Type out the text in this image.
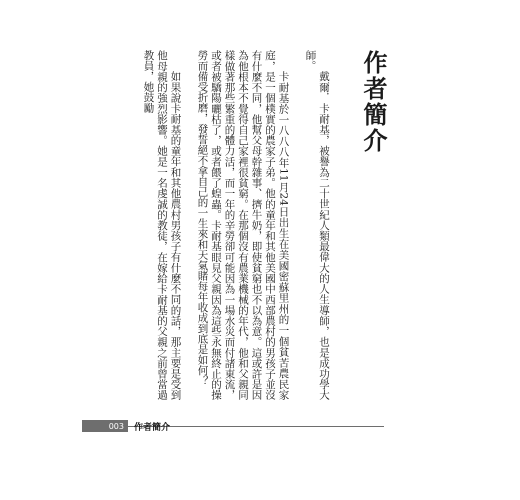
作者簡介

戴爾．卡耐基，被譽為二十世紀人類最偉大的人生導師，也是成功學大師。

卡耐基於一八八八年11月24日出生在美國密蘇里州的一個貧苦農民家庭，是一個樸實的農家子弟。他的童年和其他美國中西部農村的男孩子並沒有什麼不同，他幫父母幹雜事、擠牛奶，即使貧窮也不以為意。這或許是因為他根本不覺得自己家裡很貧窮。在那個沒有農業機械的年代，他和父親同樣做著那些繁重的體力活，而一年的辛勞卻可能因為一場水災而付諸東流，或者被驕陽曬枯了，或者餵了蝗蟲。卡耐基眼見父親因為這些永無終止的操勞而備受折磨，發誓絕不拿自己的一生來和天氣賭每年收成到底是如何？

如果說卡耐基的童年和其他農村男孩子有什麼不同的話，那主要是受到他母親的強烈影響。她是一名虔誠的教徒，在嫁給卡耐基的父親之前曾當過教員，她鼓勵

003	作者簡介
